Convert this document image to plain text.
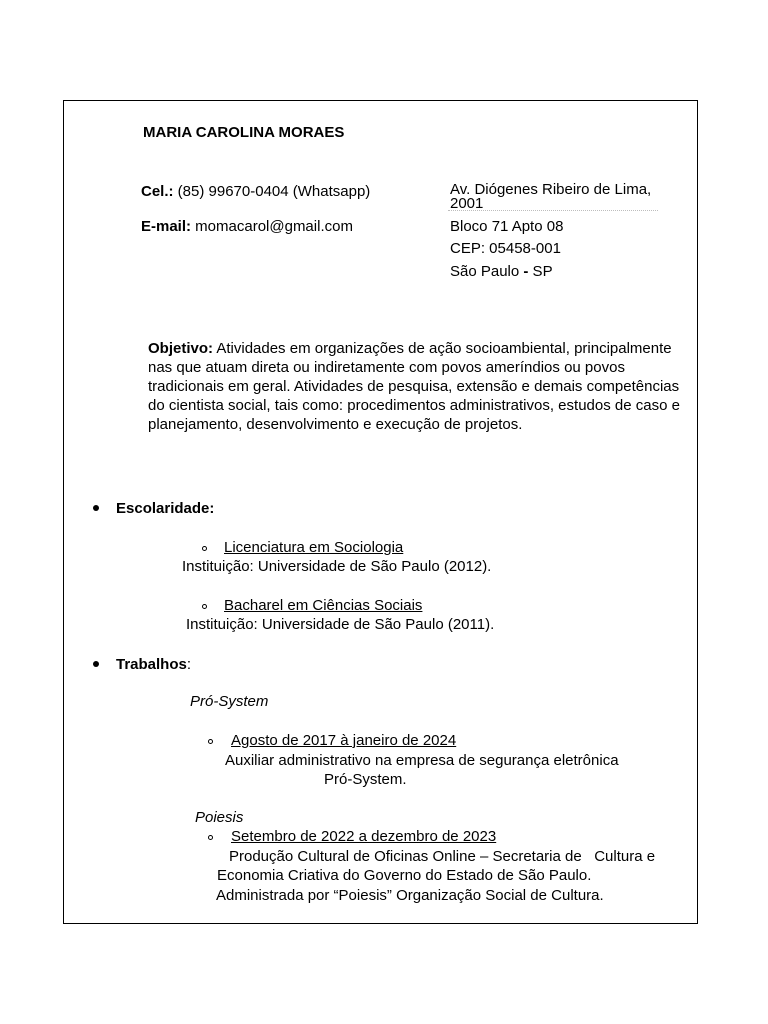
MARIA CAROLINA MORAES
Cel.: (85) 99670-0404 (Whatsapp)
E-mail: momacarol@gmail.com
Av. Diógenes Ribeiro de Lima,
2001
Bloco 71 Apto 08
CEP: 05458-001
São Paulo - SP
Objetivo: Atividades em organizações de ação socioambiental, principalmente nas que atuam direta ou indiretamente com povos ameríndios ou povos tradicionais em geral. Atividades de pesquisa, extensão e demais competências do cientista social, tais como: procedimentos administrativos, estudos de caso e planejamento, desenvolvimento e execução de projetos.
Escolaridade:
Licenciatura em Sociologia
Instituição: Universidade de São Paulo (2012).
Bacharel em Ciências Sociais
Instituição: Universidade de São Paulo (2011).
Trabalhos:
Pró-System
Agosto de 2017 à janeiro de 2024
Auxiliar administrativo na empresa de segurança eletrônica
Pró-System.
Poiesis
Setembro de 2022 a dezembro de 2023
Produção Cultural de Oficinas Online – Secretaria de   Cultura e
Economia Criativa do Governo do Estado de São Paulo.
Administrada por “Poiesis” Organização Social de Cultura.
